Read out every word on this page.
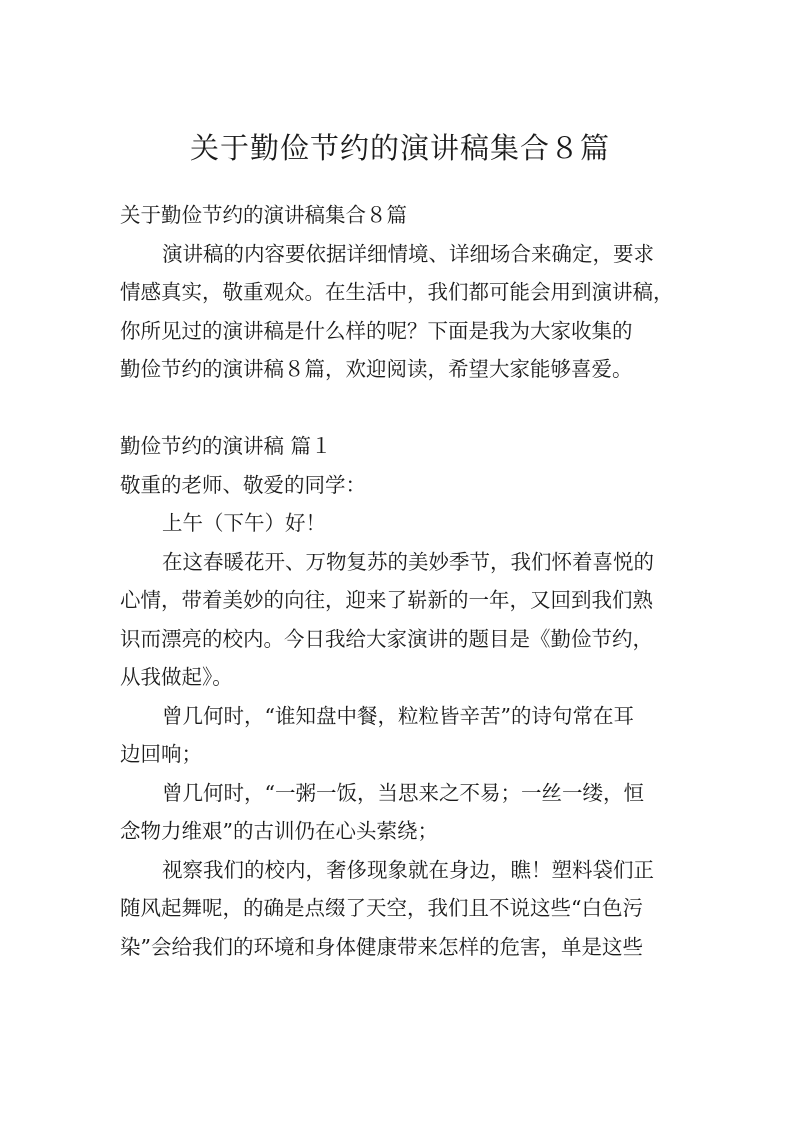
关于勤俭节约的演讲稿集合８篇
关于勤俭节约的演讲稿集合８篇
演讲稿的内容要依据详细情境、详细场合来确定，要求
情感真实，敬重观众。在生活中，我们都可能会用到演讲稿，
你所见过的演讲稿是什么样的呢？下面是我为大家收集的
勤俭节约的演讲稿８篇，欢迎阅读，希望大家能够喜爱。
勤俭节约的演讲稿 篇１
敬重的老师、敬爱的同学：
上午（下午）好！
在这春暖花开、万物复苏的美妙季节，我们怀着喜悦的
心情，带着美妙的向往，迎来了崭新的一年，又回到我们熟
识而漂亮的校内。今日我给大家演讲的题目是《勤俭节约，
从我做起》。
曾几何时，“谁知盘中餐，粒粒皆辛苦”的诗句常在耳
边回响；
曾几何时，“一粥一饭，当思来之不易；一丝一缕，恒
念物力维艰”的古训仍在心头萦绕；
视察我们的校内，奢侈现象就在身边，瞧！塑料袋们正
随风起舞呢，的确是点缀了天空，我们且不说这些“白色污
染”会给我们的环境和身体健康带来怎样的危害，单是这些
